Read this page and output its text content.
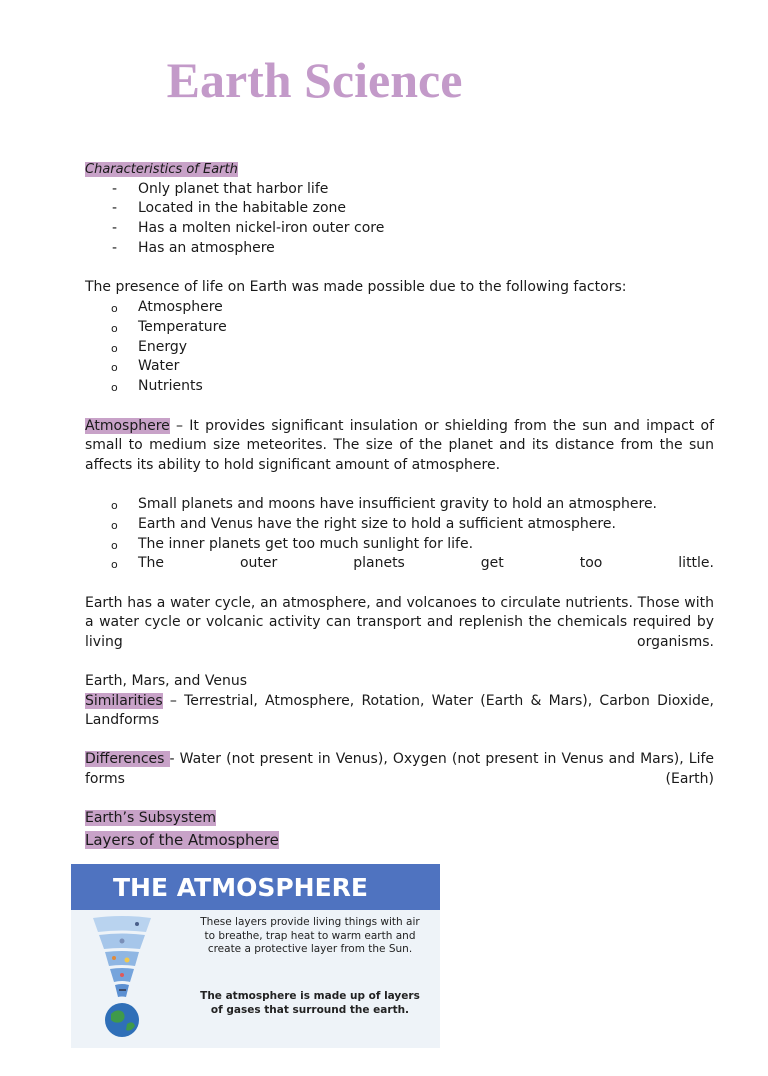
Earth Science

Characteristics of Earth

- Only planet that harbor life
- Located in the habitable zone
- Has a molten nickel-iron outer core
- Has an atmosphere

The presence of life on Earth was made possible due to the following factors:

o Atmosphere
o Temperature
o Energy
o Water
o Nutrients

Atmosphere – It provides significant insulation or shielding from the sun and impact of small to medium size meteorites. The size of the planet and its distance from the sun affects its ability to hold significant amount of atmosphere.

o Small planets and moons have insufficient gravity to hold an atmosphere.
o Earth and Venus have the right size to hold a sufficient atmosphere.
o The inner planets get too much sunlight for life.
o The outer planets get too little.

Earth has a water cycle, an atmosphere, and volcanoes to circulate nutrients. Those with a water cycle or volcanic activity can transport and replenish the chemicals required by living organisms.

Earth, Mars, and Venus

Similarities – Terrestrial, Atmosphere, Rotation, Water (Earth & Mars), Carbon Dioxide, Landforms

Differences - Water (not present in Venus), Oxygen (not present in Venus and Mars), Life forms (Earth)

Earth’s Subsystem

Layers of the Atmosphere

THE ATMOSPHERE
These layers provide living things with air to breathe, trap heat to warm earth and create a protective layer from the Sun.
The atmosphere is made up of layers of gases that surround the earth.
